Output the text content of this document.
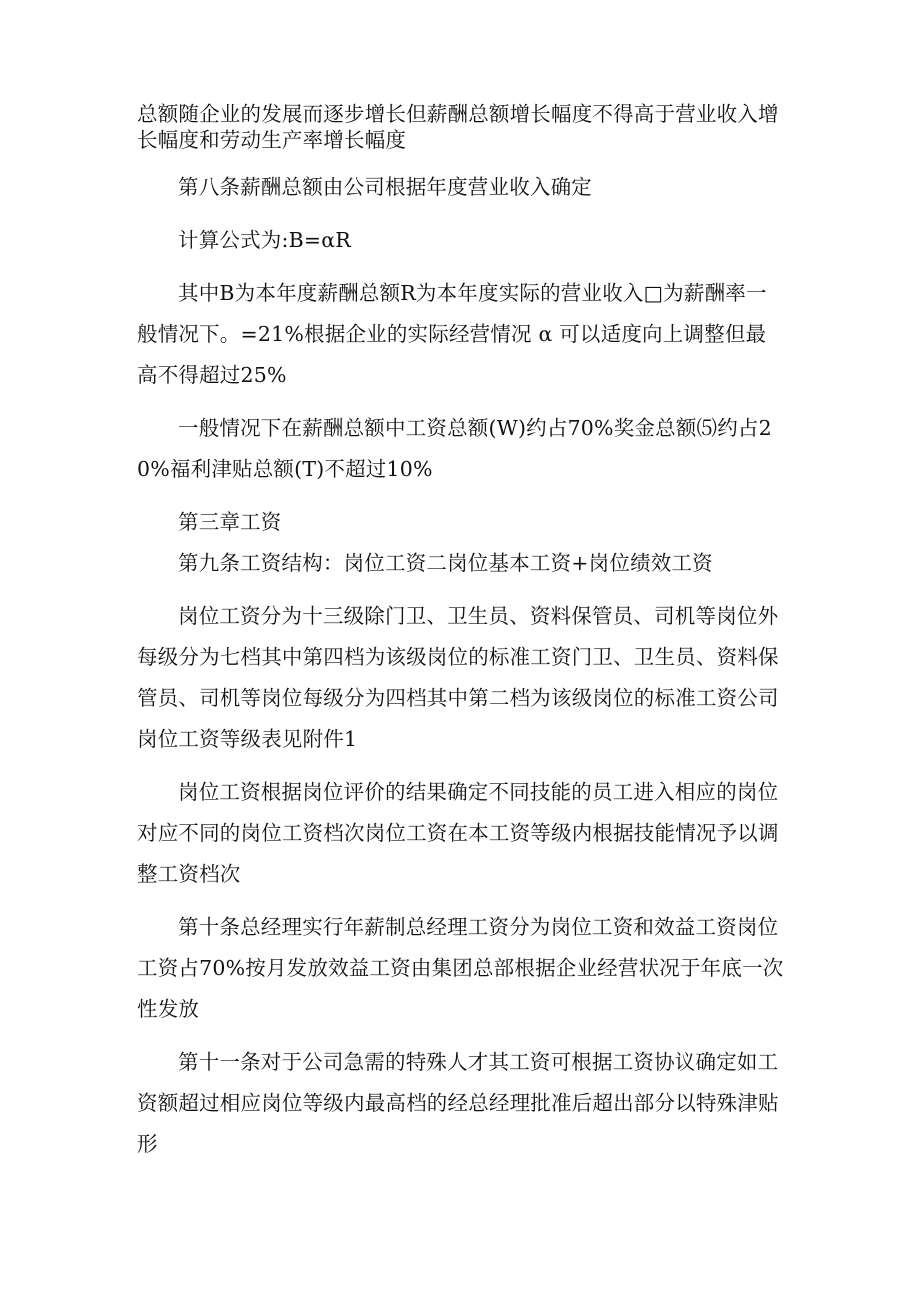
总额随企业的发展而逐步增长但薪酬总额增长幅度不得高于营业收入增长幅度和劳动生产率增长幅度

第八条薪酬总额由公司根据年度营业收入确定

计算公式为:B=αR

其中B为本年度薪酬总额R为本年度实际的营业收入□为薪酬率一般情况下。=21%根据企业的实际经营情况 α 可以适度向上调整但最高不得超过25%

一般情况下在薪酬总额中工资总额(W)约占70%奖金总额⑸约占20%福利津贴总额(T)不超过10%

第三章工资

第九条工资结构：岗位工资二岗位基本工资+岗位绩效工资

岗位工资分为十三级除门卫、卫生员、资料保管员、司机等岗位外每级分为七档其中第四档为该级岗位的标准工资门卫、卫生员、资料保管员、司机等岗位每级分为四档其中第二档为该级岗位的标准工资公司岗位工资等级表见附件1

岗位工资根据岗位评价的结果确定不同技能的员工进入相应的岗位对应不同的岗位工资档次岗位工资在本工资等级内根据技能情况予以调整工资档次

第十条总经理实行年薪制总经理工资分为岗位工资和效益工资岗位工资占70%按月发放效益工资由集团总部根据企业经营状况于年底一次性发放

第十一条对于公司急需的特殊人才其工资可根据工资协议确定如工资额超过相应岗位等级内最高档的经总经理批准后超出部分以特殊津贴形
